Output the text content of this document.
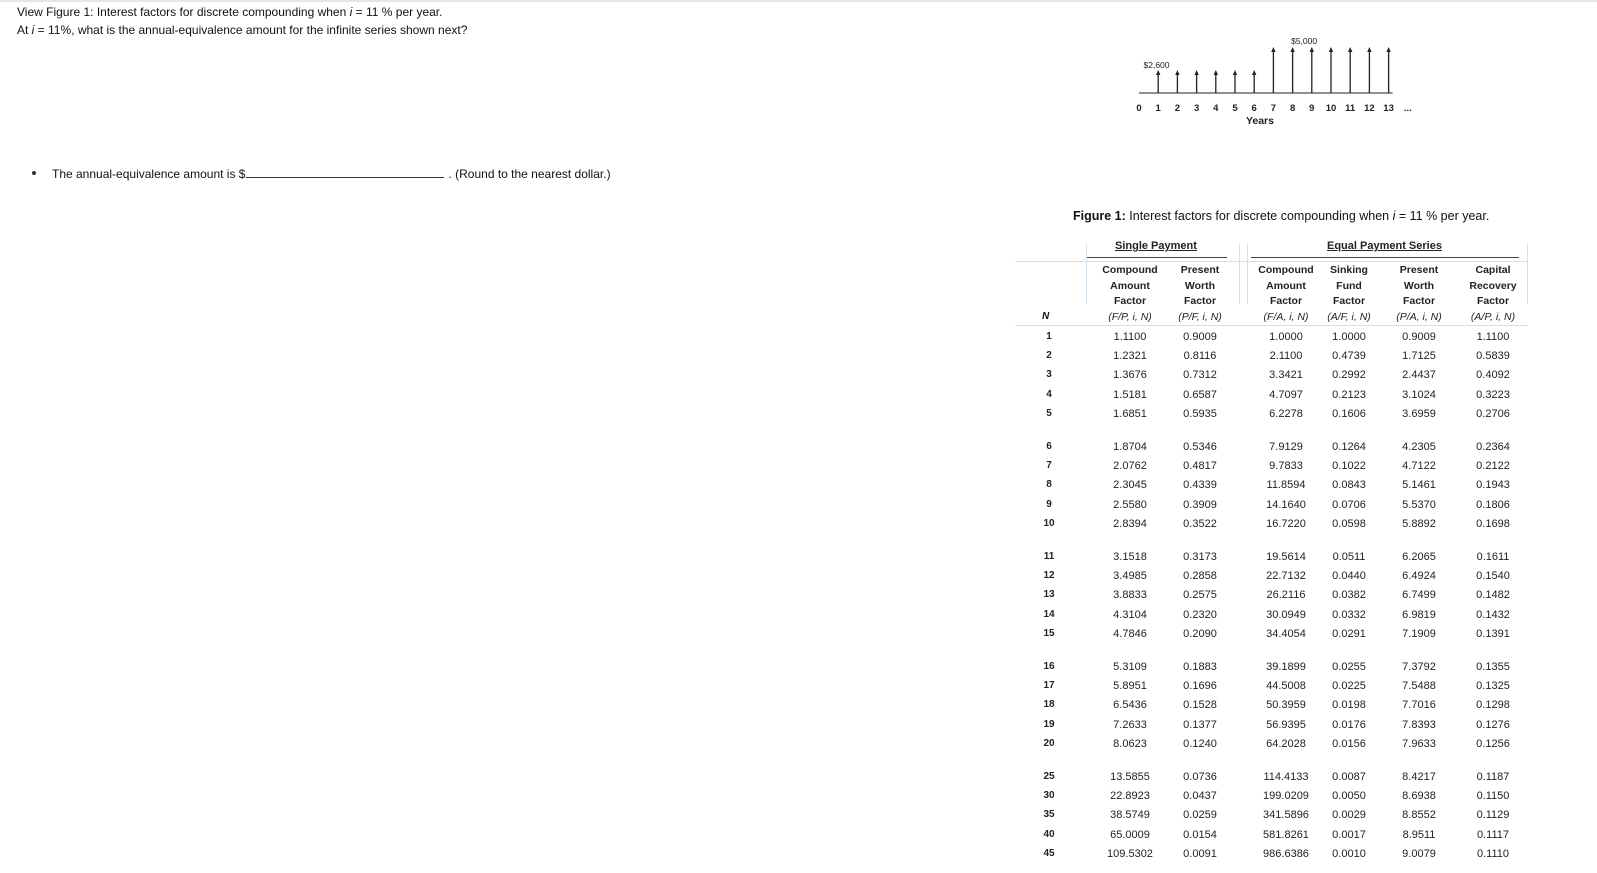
View Figure 1: Interest factors for discrete compounding when i = 11 % per year.
At i = 11%, what is the annual-equivalence amount for the infinite series shown next?
The annual-equivalence amount is $	. (Round to the nearest dollar.)
0 1 2 3 4 5 6 7 8 9 10 11 12 13 ...
$2,600
$5,000
Years
Figure 1: Interest factors for discrete compounding when i = 11 % per year.
Single Payment	Equal Payment Series
N
Compound
Amount
Factor
(F/P, i, N)
Present
Worth
Factor
(P/F, i, N)
Compound
Amount
Factor
(F/A, i, N)
Sinking
Fund
Factor
(A/F, i, N)
Present
Worth
Factor
(P/A, i, N)
Capital
Recovery
Factor
(A/P, i, N)
1	1.1100	0.9009	1.0000	1.0000	0.9009	1.1100
2	1.2321	0.8116	2.1100	0.4739	1.7125	0.5839
3	1.3676	0.7312	3.3421	0.2992	2.4437	0.4092
4	1.5181	0.6587	4.7097	0.2123	3.1024	0.3223
5	1.6851	0.5935	6.2278	0.1606	3.6959	0.2706
6	1.8704	0.5346	7.9129	0.1264	4.2305	0.2364
7	2.0762	0.4817	9.7833	0.1022	4.7122	0.2122
8	2.3045	0.4339	11.8594	0.0843	5.1461	0.1943
9	2.5580	0.3909	14.1640	0.0706	5.5370	0.1806
10	2.8394	0.3522	16.7220	0.0598	5.8892	0.1698
11	3.1518	0.3173	19.5614	0.0511	6.2065	0.1611
12	3.4985	0.2858	22.7132	0.0440	6.4924	0.1540
13	3.8833	0.2575	26.2116	0.0382	6.7499	0.1482
14	4.3104	0.2320	30.0949	0.0332	6.9819	0.1432
15	4.7846	0.2090	34.4054	0.0291	7.1909	0.1391
16	5.3109	0.1883	39.1899	0.0255	7.3792	0.1355
17	5.8951	0.1696	44.5008	0.0225	7.5488	0.1325
18	6.5436	0.1528	50.3959	0.0198	7.7016	0.1298
19	7.2633	0.1377	56.9395	0.0176	7.8393	0.1276
20	8.0623	0.1240	64.2028	0.0156	7.9633	0.1256
25	13.5855	0.0736	114.4133	0.0087	8.4217	0.1187
30	22.8923	0.0437	199.0209	0.0050	8.6938	0.1150
35	38.5749	0.0259	341.5896	0.0029	8.8552	0.1129
40	65.0009	0.0154	581.8261	0.0017	8.9511	0.1117
45	109.5302	0.0091	986.6386	0.0010	9.0079	0.1110
